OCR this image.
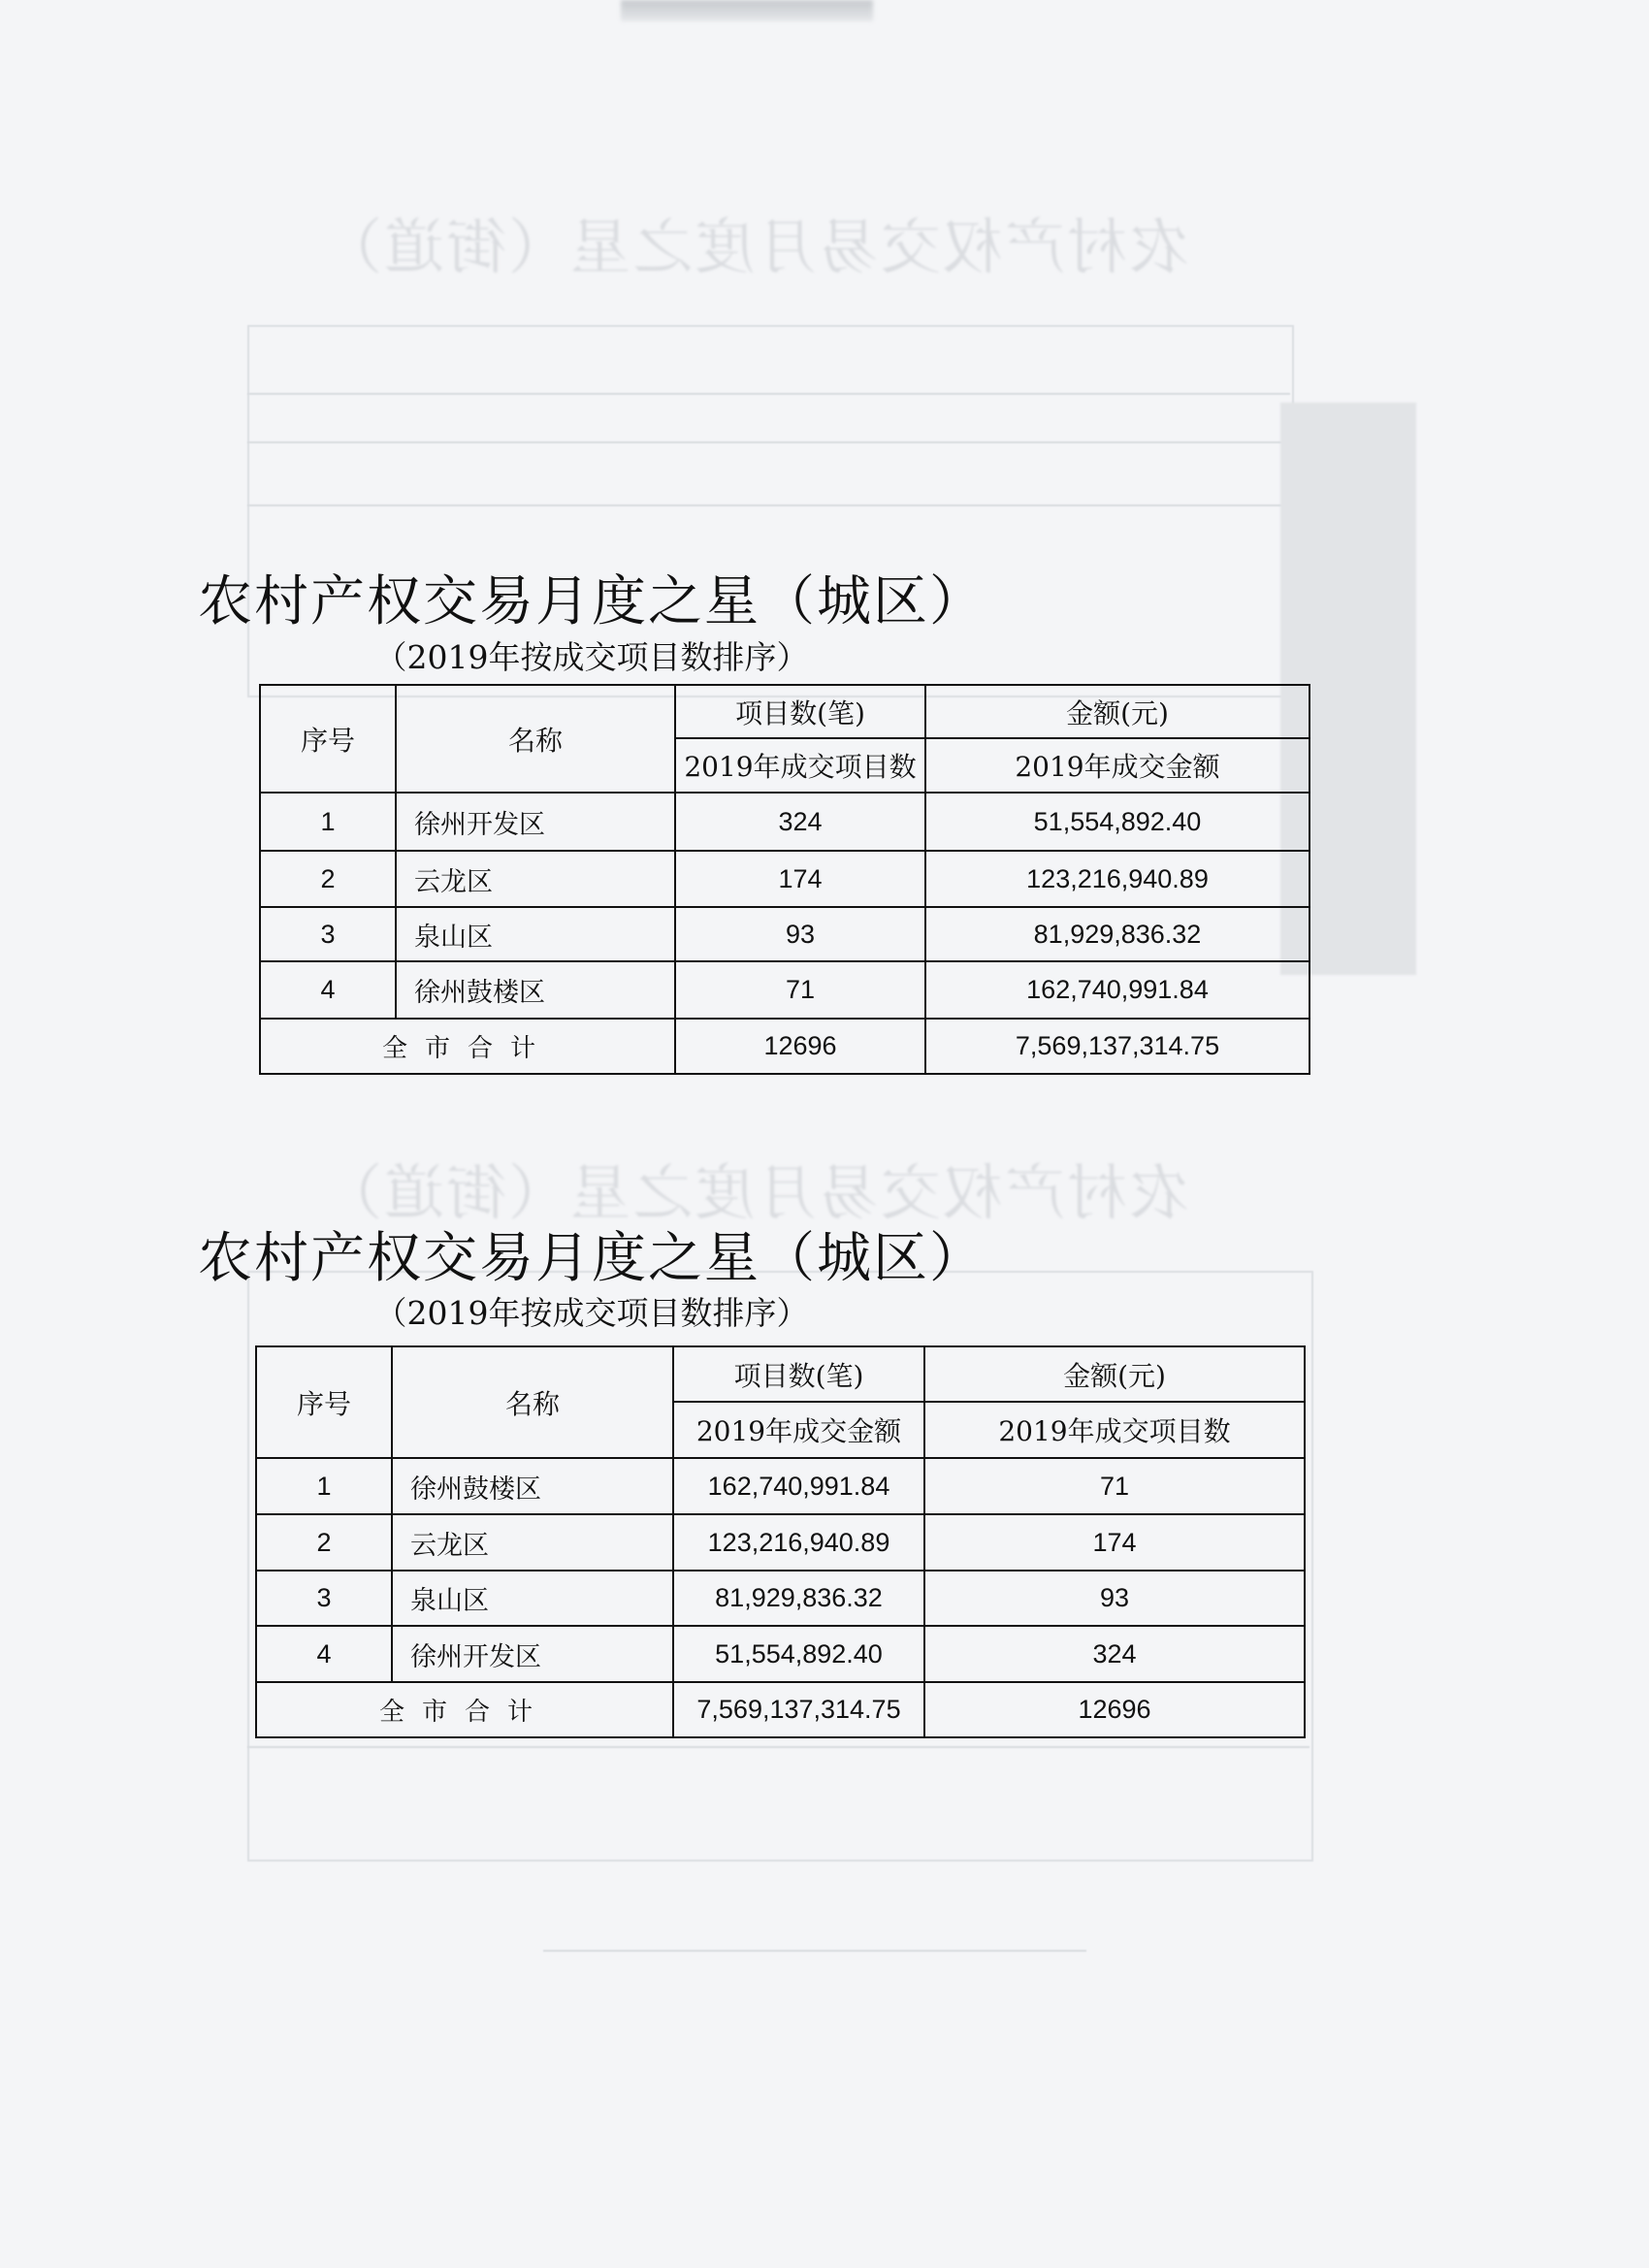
农村产权交易月度之星（街道）
农村产权交易月度之星（街道）
农村产权交易月度之星（城区）
（2019年按成交项目数排序）
序号	名称	项目数(笔)	金额(元)
		2019年成交项目数	2019年成交金额
1	徐州开发区	324	51,554,892.40
2	云龙区	174	123,216,940.89
3	泉山区	93	81,929,836.32
4	徐州鼓楼区	71	162,740,991.84
全市合计		12696	7,569,137,314.75
农村产权交易月度之星（城区）
（2019年按成交项目数排序）
序号	名称	项目数(笔)	金额(元)
		2019年成交金额	2019年成交项目数
1	徐州鼓楼区	162,740,991.84	71
2	云龙区	123,216,940.89	174
3	泉山区	81,929,836.32	93
4	徐州开发区	51,554,892.40	324
全市合计		7,569,137,314.75	12696
